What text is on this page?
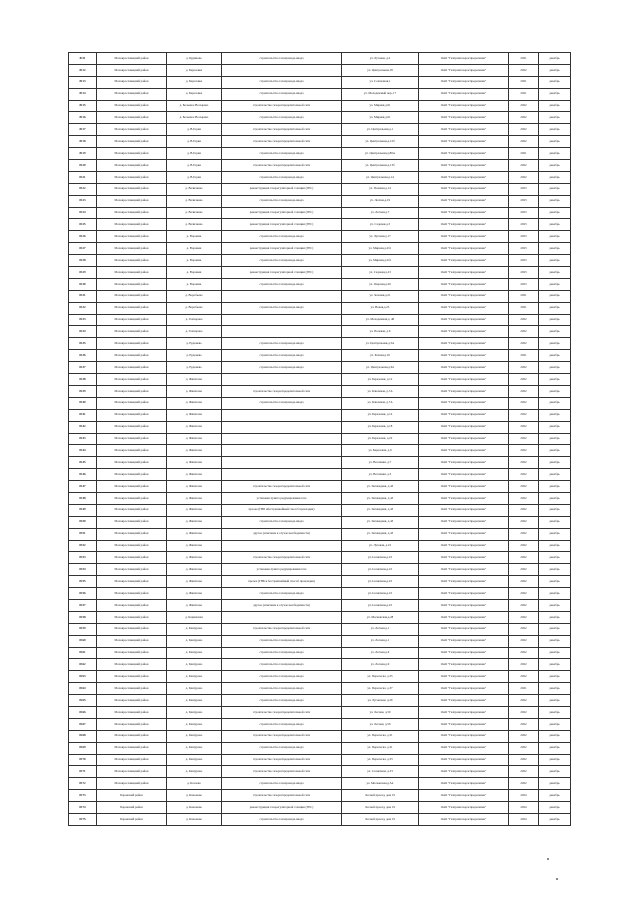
8111	Малоярославецкий район	д. Кудиново	строительство газопровода-ввода	ул. Луговая, д.2	ОАО "Газпромгазораспределение"	2021	декабрь
8112	Малоярославецкий район	д. Березовка		ул. Центральная,18	ОАО "Газпромгазораспределение"	2022	декабрь
8113	Малоярославецкий район	д. Березовка	строительство газопровода-ввода	ул. Солнечная,1	ОАО "Газпромгазораспределение"	2021	декабрь
8114	Малоярославецкий район	д. Березовка	строительство газопровода-ввода	ул. Молодежный пер.,17	ОАО "Газпромгазораспределение"	2021	декабрь
8115	Малоярославецкий район	д. Большое Носырево	строительство газораспределительной сети	ул. Мирная,д.01	ОАО "Газпромгазораспределение"	2022	декабрь
8116	Малоярославецкий район	д. Большое Носырево	строительство газопровода-ввода	ул. Мирная,д.01	ОАО "Газпромгазораспределение"	2022	декабрь
8117	Малоярославецкий район	д. В.Горки	строительство газораспределительной сети	ул. Центральная,д.1	ОАО "Газпромгазораспределение"	2022	декабрь
8118	Малоярославецкий район	д. В.Горки	строительство газораспределительной сети	ул. Центральная,д.12б	ОАО "Газпромгазораспределение"	2022	декабрь
8119	Малоярославецкий район	д. В.Горки	строительство газопровода-ввода	ул. Центральная,д.86А	ОАО "Газпромгазораспределение"	2021	декабрь
8120	Малоярославецкий район	д. В.Горки	строительство газораспределительной сети	ул. Центральная,д.13б	ОАО "Газпромгазораспределение"	2022	декабрь
8121	Малоярославецкий район	д. В.Горки	строительство газопровода-ввода	ул. Центральная,д.14	ОАО "Газпромгазораспределение"	2022	декабрь
8122	Малоярославецкий район	д. Величково	реконструкция газорегуляторной станции (ГРС)	ул. Полевая,д.14	ОАО "Газпромгазораспределение"	2023	декабрь
8123	Малоярославецкий район	д. Величково	строительство газопровода-ввода	ул. Лесная,д.19	ОАО "Газпромгазораспределение"	2023	декабрь
8124	Малоярославецкий район	д. Величково	реконструкция газорегуляторной станции (ГРС)	ул. Лесная,д.7	ОАО "Газпромгазораспределение"	2023	декабрь
8125	Малоярославецкий район	д. Величково	реконструкция газорегуляторной станции (ГРС)	ул. Садовая,д.3	ОАО "Газпромгазораспределение"	2023	декабрь
8126	Малоярославецкий район	д. Воронки	строительство газопровода-ввода	ул. Луговая,д.17	ОАО "Газпромгазораспределение"	2023	декабрь
8127	Малоярославецкий район	д. Воронки	реконструкция газорегуляторной станции (ГРС)	ул. Мирная,д.2б1	ОАО "Газпромгазораспределение"	2023	декабрь
8128	Малоярославецкий район	д. Воронки	строительство газопровода-ввода	ул. Мирная,д.2б1	ОАО "Газпромгазораспределение"	2023	декабрь
8129	Малоярославецкий район	д. Воронки	реконструкция газорегуляторной станции (ГРС)	ул. Садовая,д.23	ОАО "Газпромгазораспределение"	2023	декабрь
8130	Малоярославецкий район	д. Воронки	строительство газопровода-ввода	ул. Озерная,д.26	ОАО "Газпромгазораспределение"	2023	декабрь
8131	Малоярославецкий район	д. Воробьево		ул. Зеленая,д.21	ОАО "Газпромгазораспределение"	2021	декабрь
8132	Малоярославецкий район	д. Воробьево	строительство газопровода-ввода	ул. Новая,д.25	ОАО "Газпромгазораспределение"	2021	декабрь
8133	Малоярославецкий район	д. Гончарово		ул. Молодежная,д. 48	ОАО "Газпромгазораспределение"	2022	декабрь
8134	Малоярославецкий район	д. Гончарово		ул. Полевая, д.6	ОАО "Газпромгазораспределение"	2022	декабрь
8135	Малоярославецкий район	д. Ерденево	строительство газопровода-ввода	ул. Центральная,д.3А	ОАО "Газпромгазораспределение"	2022	декабрь
8136	Малоярославецкий район	д. Ерденево	строительство газопровода-ввода	ул. Речная,д.16	ОАО "Газпромгазораспределение"	2021	декабрь
8137	Малоярославецкий район	д. Ерденево	строительство газопровода-ввода	ул. Центральная,д.64	ОАО "Газпромгазораспределение"	2022	декабрь
8138	Малоярославецкий район	д. Жилетово		ул. Березовая, д.12	ОАО "Газпромгазораспределение"	2022	декабрь
8139	Малоярославецкий район	д. Жилетово	строительство газораспределительной сети	ул. Ключевая, д.7А	ОАО "Газпромгазораспределение"	2022	декабрь
8140	Малоярославецкий район	д. Жилетово	строительство газопровода-ввода	ул. Ключевая, д.7А	ОАО "Газпромгазораспределение"	2022	декабрь
8141	Малоярославецкий район	д. Жилетово		ул. Березовая, д.14	ОАО "Газпромгазораспределение"	2022	декабрь
8142	Малоярославецкий район	д. Жилетово		ул. Березовая, д.18	ОАО "Газпромгазораспределение"	2022	декабрь
8143	Малоярославецкий район	д. Жилетово		ул. Березовая, д.22	ОАО "Газпромгазораспределение"	2022	декабрь
8144	Малоярославецкий район	д. Жилетово		ул. Березовая, д.9	ОАО "Газпромгазораспределение"	2022	декабрь
8145	Малоярославецкий район	д. Жилетово		ул. Весенняя, д.7	ОАО "Газпромгазораспределение"	2022	декабрь
8146	Малоярославецкий район	д. Жилетово		ул. Весенняя, д.3	ОАО "Газпромгазораспределение"	2022	декабрь
8147	Малоярославецкий район	д. Жилетово	строительство газораспределительной сети	ул. Заповедная, д.43	ОАО "Газпромгазораспределение"	2022	декабрь
8148	Малоярославецкий район	д. Жилетово	установка пункта редуцирования газа	ул. Заповедная, д.43	ОАО "Газпромгазораспределение"	2022	декабрь
8149	Малоярославецкий район	д. Жилетово	прочее (ГНБ ибестраншейный способ прокладки)	ул. Заповедная, д.43	ОАО "Газпромгазораспределение"	2022	декабрь
8150	Малоярославецкий район	д. Жилетово	строительство газопровода-ввода	ул. Заповедная, д.43	ОАО "Газпромгазораспределение"	2022	декабрь
8151	Малоярославецкий район	д. Жилетово	другое (описание в случае необходимости)	ул. Заповедная, д.43	ОАО "Газпромгазораспределение"	2022	декабрь
8152	Малоярославецкий район	д. Жилетово		ул. Луговая, д.22	ОАО "Газпромгазораспределение"	2022	декабрь
8153	Малоярославецкий район	д. Жилетово	строительство газораспределительной сети	ул.Солнечная,д.22	ОАО "Газпромгазораспределение"	2022	декабрь
8154	Малоярославецкий район	д. Жилетово	установка пункта редуцирования газа	ул.Солнечная,д.22	ОАО "Газпромгазораспределение"	2022	декабрь
8155	Малоярославецкий район	д. Жилетово	прочее (ГНБ и бестраншейный способ прокладки)	ул.Солнечная,д.22	ОАО "Газпромгазораспределение"	2022	декабрь
8156	Малоярославецкий район	д. Жилетово	строительство газопровода-ввода	ул.Солнечная,д.22	ОАО "Газпромгазораспределение"	2022	декабрь
8157	Малоярославецкий район	д. Жилетово	другое (описание в случае необходимости)	ул.Солнечная,д.22	ОАО "Газпромгазораспределение"	2022	декабрь
8158	Малоярославецкий район	д. Карижская		ул. Московская,д.28	ОАО "Газпромгазораспределение"	2022	декабрь
8159	Малоярославецкий район	д. Кашурово	строительство газораспределительной сети	ул. Лесная,д.1	ОАО "Газпромгазораспределение"	2022	декабрь
8160	Малоярославецкий район	д. Кашурово	строительство газопровода-ввода	ул. Лесная,д.1	ОАО "Газпромгазораспределение"	2022	декабрь
8161	Малоярославецкий район	д. Кашурово	строительство газопровода-ввода	ул. Лесная,д.9	ОАО "Газпромгазораспределение"	2022	декабрь
8162	Малоярославецкий район	д. Кашурово	строительство газопровода-ввода	ул. Лесная,д.9	ОАО "Газпромгазораспределение"	2022	декабрь
8163	Малоярославецкий район	д. Кашурово	строительство газопровода-ввода	ул. Перелеска, д.35	ОАО "Газпромгазораспределение"	2022	декабрь
8164	Малоярославецкий район	д. Кашурово	строительство газопровода-ввода	ул. Перелеска, д.37	ОАО "Газпромгазораспределение"	2021	декабрь
8165	Малоярославецкий район	д. Кашурово	строительство газопровода-ввода	ул. Луговская, д.20	ОАО "Газпромгазораспределение"	2022	декабрь
8166	Малоярославецкий район	д. Кашурово	строительство газораспределительной сети	ул. Лесная, д.50	ОАО "Газпромгазораспределение"	2022	декабрь
8167	Малоярославецкий район	д. Кашурово	строительство газопровода-ввода	ул. Лесная, д.50	ОАО "Газпромгазораспределение"	2022	декабрь
8168	Малоярославецкий район	д. Кашурово	строительство газораспределительной сети	ул. Перелеска, д.31	ОАО "Газпромгазораспределение"	2022	декабрь
8169	Малоярославецкий район	д. Кашурово	строительство газопровода-ввода	ул. Перелеска, д.31	ОАО "Газпромгазораспределение"	2022	декабрь
8170	Малоярославецкий район	д. Кашурово	строительство газораспределительной сети	ул. Перелеска, д.33	ОАО "Газпромгазораспределение"	2022	декабрь
8171	Малоярославецкий район	д. Кашурово	строительство газораспределительной сети	ул. Солнечная, д.33	ОАО "Газпромгазораспределение"	2022	декабрь
8172	Малоярославецкий район	д. Козлово	строительство газопровода-ввода	ул. Московская,д.5А	ОАО "Газпромгазораспределение"	2022	декабрь
8173	Боровский район	д. Кононово	строительство газораспределительной сети	Лесной проезд, дом 19	ОАО "Газпромгазораспределение"	2024	декабрь
8174	Боровский район	д. Кононово	реконструкция газорегуляторной станции (ГРС)	Лесной проезд, дом 19	ОАО "Газпромгазораспределение"	2024	декабрь
8175	Боровский район	д. Кононово	строительство газопровода-ввода	Лесной проезд, дом 19	ОАО "Газпромгазораспределение"	2024	декабрь
